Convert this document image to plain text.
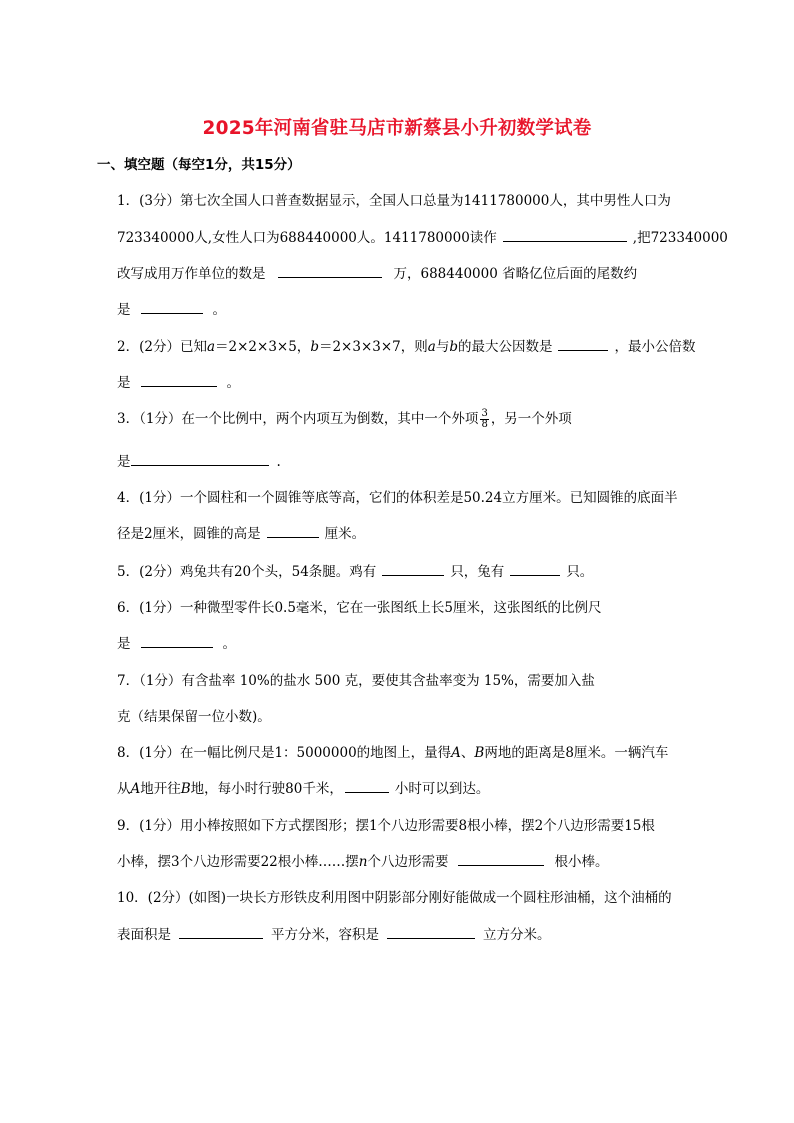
2025年河南省驻马店市新蔡县小升初数学试卷
一、填空题（每空1分，共15分）
1．(3分）第七次全国人口普查数据显示，全国人口总量为1411780000人，其中男性人口为
723340000人,女性人口为688440000人。1411780000读作	,把723340000
改写成用万作单位的数是	万，688440000 省略亿位后面的尾数约
是	。
2．(2分）已知a＝2×2×3×5，b＝2×3×3×7，则a与b的最大公因数是	，最小公倍数
是	。
3．（1分）在一个比例中，两个内项互为倒数，其中一个外项 $\frac{3}{8}$ ，另一个外项
是	.
4．(1分）一个圆柱和一个圆锥等底等高，它们的体积差是50.24立方厘米。已知圆锥的底面半
径是2厘米，圆锥的高是	厘米。
5．(2分）鸡兔共有20个头，54条腿。鸡有	只，兔有	只。
6．(1分）一种微型零件长0.5毫米，它在一张图纸上长5厘米，这张图纸的比例尺
是	。
7．（1分）有含盐率 10%的盐水 500 克，要使其含盐率变为 15%，需要加入盐
克（结果保留一位小数)。
8．(1分）在一幅比例尺是1：5000000的地图上，量得A、B两地的距离是8厘米。一辆汽车
从A地开往B地，每小时行驶80千米，	小时可以到达。
9．(1分）用小棒按照如下方式摆图形；摆1个八边形需要8根小棒，摆2个八边形需要15根
小棒，摆3个八边形需要22根小棒……摆n个八边形需要	根小棒。
10．(2分）(如图)一块长方形铁皮利用图中阴影部分刚好能做成一个圆柱形油桶，这个油桶的
表面积是	平方分米，容积是	立方分米。
